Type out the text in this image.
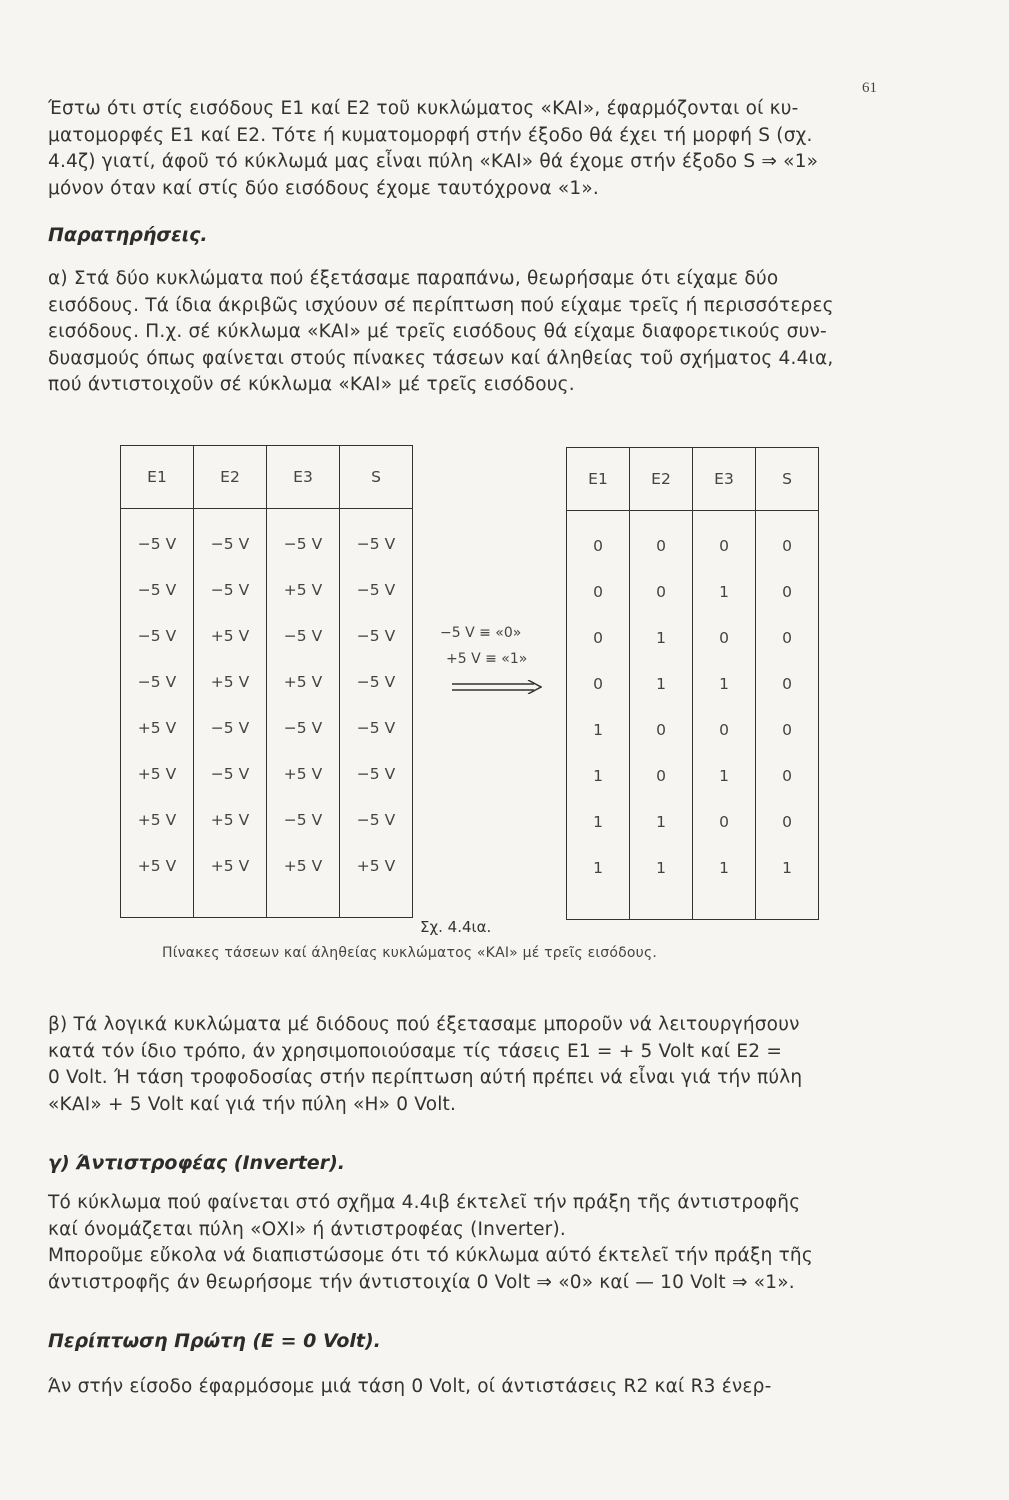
61
Έστω ότι στίς εισόδους E1 καί E2 τοῦ κυκλώματος «ΚΑΙ», έφαρμόζονται οί κυ-
ματομορφές E1 καί E2. Τότε ή κυματομορφή στήν έξοδο θά έχει τή μορφή S (σχ.
4.4ζ) γιατί, άφοῦ τό κύκλωμά μας εἶναι πύλη «ΚΑΙ» θά έχομε στήν έξοδο S ⇒ «1»
μόνον όταν καί στίς δύο εισόδους έχομε ταυτόχρονα «1».
Παρατηρήσεις.
α) Στά δύο κυκλώματα πού έξετάσαμε παραπάνω, θεωρήσαμε ότι είχαμε δύο
εισόδους. Τά ίδια άκριβῶς ισχύουν σέ περίπτωση πού είχαμε τρεῖς ή περισσότερες
εισόδους. Π.χ. σέ κύκλωμα «ΚΑΙ» μέ τρεῖς εισόδους θά είχαμε διαφορετικούς συν-
δυασμούς όπως φαίνεται στούς πίνακες τάσεων καί άληθείας τοῦ σχήματος 4.4ια,
πού άντιστοιχοῦν σέ κύκλωμα «ΚΑΙ» μέ τρεῖς εισόδους.
E1	E2	E3	S

−5 V	−5 V	−5 V	−5 V
−5 V	−5 V	+5 V	−5 V
−5 V	+5 V	−5 V	−5 V
−5 V	+5 V	+5 V	−5 V
+5 V	−5 V	−5 V	−5 V
+5 V	−5 V	+5 V	−5 V
+5 V	+5 V	−5 V	−5 V
+5 V	+5 V	+5 V	+5 V

−5 V ≡ «0»
+5 V ≡ «1»
E1	E2	E3	S

0	0	0	0
0	0	1	0
0	1	0	0
0	1	1	0
1	0	0	0
1	0	1	0
1	1	0	0
1	1	1	1

Σχ. 4.4ια.
Πίνακες τάσεων καί άληθείας κυκλώματος «ΚΑΙ» μέ τρεῖς εισόδους.
β) Τά λογικά κυκλώματα μέ διόδους πού έξετασαμε μποροῦν νά λειτουργήσουν
κατά τόν ίδιο τρόπο, άν χρησιμοποιούσαμε τίς τάσεις E1 = + 5 Volt καί E2 =
0 Volt. Ή τάση τροφοδοσίας στήν περίπτωση αύτή πρέπει νά εἶναι γιά τήν πύλη
«ΚΑΙ» + 5 Volt καί γιά τήν πύλη «Η» 0 Volt.
γ) Άντιστροφέας (Inverter).
Τό κύκλωμα πού φαίνεται στό σχῆμα 4.4ιβ έκτελεῖ τήν πράξη τῆς άντιστροφῆς
καί όνομάζεται πύλη «ΟΧΙ» ή άντιστροφέας (Inverter).
Μποροῦμε εὔκολα νά διαπιστώσομε ότι τό κύκλωμα αύτό έκτελεῖ τήν πράξη τῆς
άντιστροφῆς άν θεωρήσομε τήν άντιστοιχία 0 Volt ⇒ «0» καί — 10 Volt ⇒ «1».
Περίπτωση Πρώτη (E = 0 Volt).
Άν στήν είσοδο έφαρμόσομε μιά τάση 0 Volt, οί άντιστάσεις R2 καί R3 ένερ-
